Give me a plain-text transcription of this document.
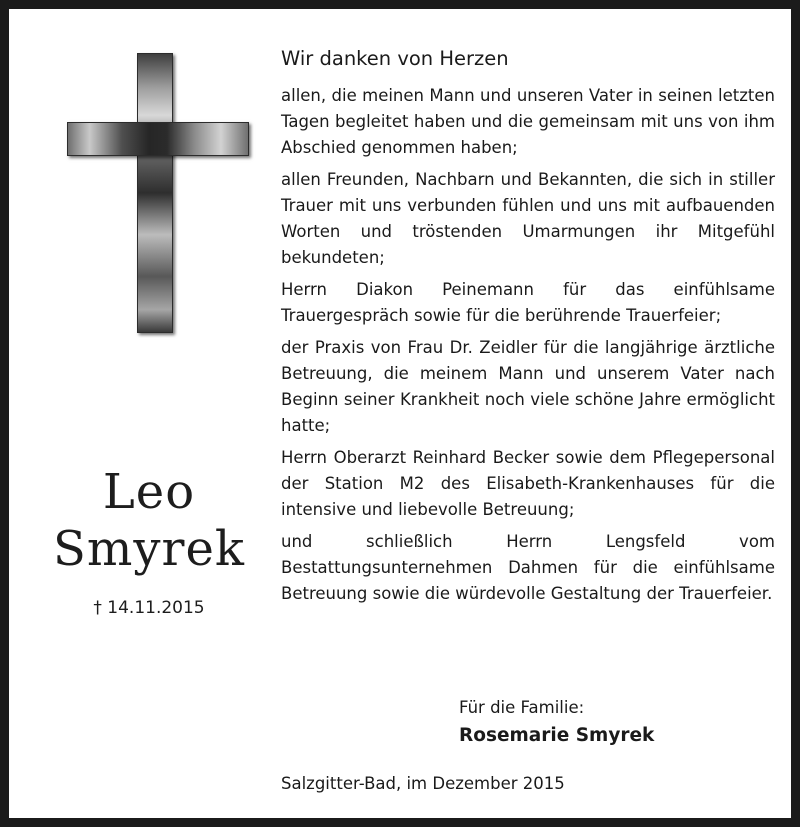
Leo
Smyrek
† 14.11.2015
Wir danken von Herzen

allen, die meinen Mann und unseren Vater in seinen letzten Tagen begleitet haben und die gemeinsam mit uns von ihm Abschied genommen haben;

allen Freunden, Nachbarn und Bekannten, die sich in stiller Trauer mit uns verbunden fühlen und uns mit aufbauenden Worten und tröstenden Umarmungen ihr Mitgefühl bekundeten;

Herrn Diakon Peinemann für das einfühlsame Trauergespräch sowie für die berührende Trauerfeier;

der Praxis von Frau Dr. Zeidler für die langjährige ärztliche Betreuung, die meinem Mann und unserem Vater nach Beginn seiner Krankheit noch viele schöne Jahre ermöglicht hatte;

Herrn Oberarzt Reinhard Becker sowie dem Pflegepersonal der Station M2 des Elisabeth-Krankenhauses für die intensive und liebevolle Betreuung;

und schließlich Herrn Lengsfeld vom Bestattungsunternehmen Dahmen für die einfühlsame Betreuung sowie die würdevolle Gestaltung der Trauerfeier.

Für die Familie:
Rosemarie Smyrek
Salzgitter-Bad, im Dezember 2015
